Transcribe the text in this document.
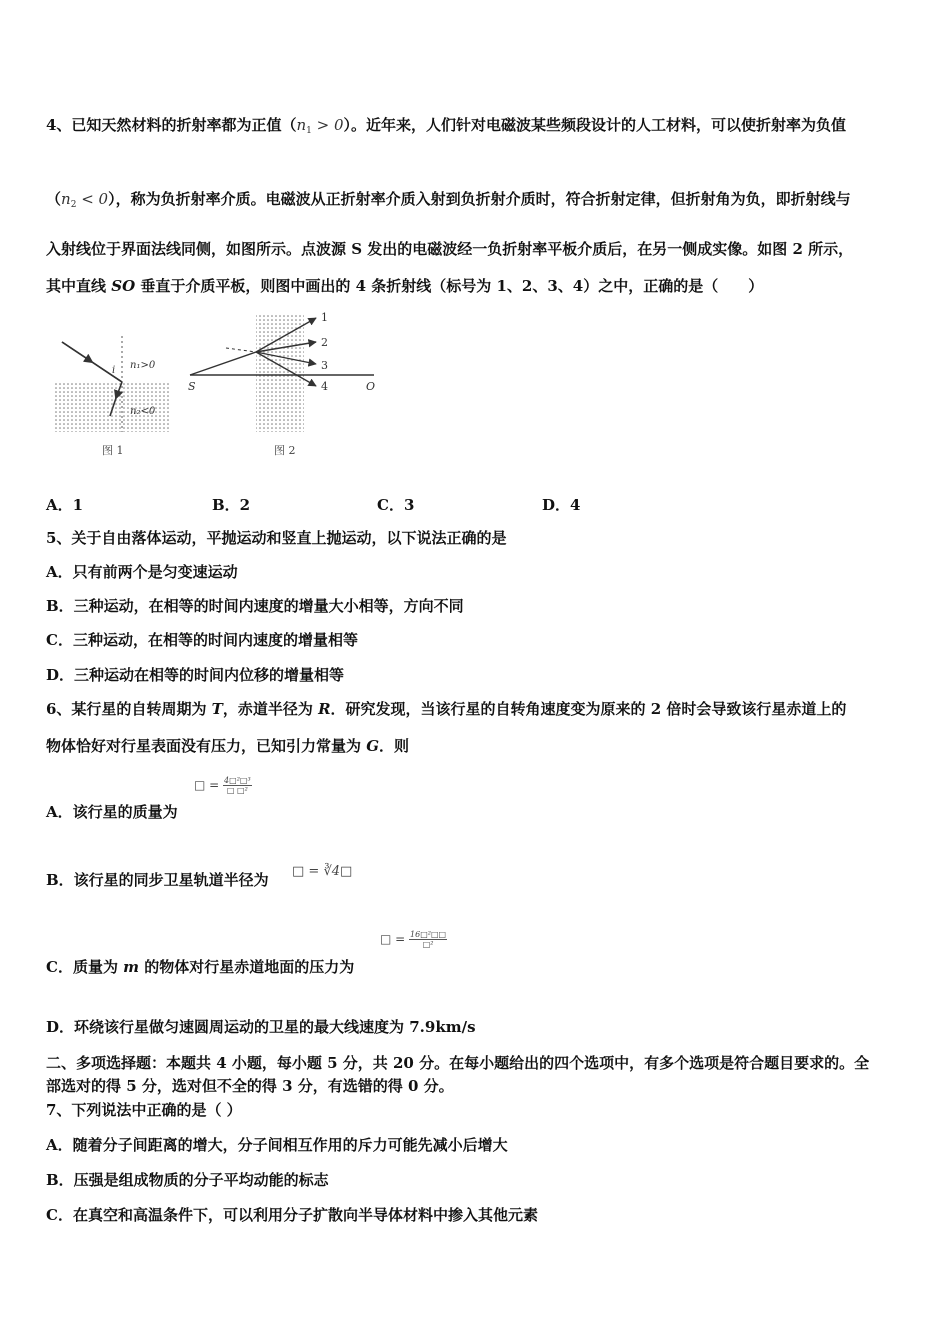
4、已知天然材料的折射率都为正值$(n_1 > 0)$。近年来，人们针对电磁波某些频段设计的人工材料，可以使折射率为负值
$(n_2 < 0)$，称为负折射率介质。电磁波从正折射率介质入射到负折射介质时，符合折射定律，但折射角为负，即折射线与
入射线位于界面法线同侧，如图所示。点波源 S 发出的电磁波经一负折射率平板介质后，在另一侧成实像。如图 2 所示，
其中直线 SO 垂直于介质平板，则图中画出的 4 条折射线（标号为 1、2、3、4）之中，正确的是（　　）
i n₁>0
n₂<0
图 1
1
2
3
4
S	O
图 2
A．1	B．2	C．3	D．4
5、关于自由落体运动，平抛运动和竖直上抛运动，以下说法正确的是
A．只有前两个是匀变速运动
B．三种运动，在相等的时间内速度的增量大小相等，方向不同
C．三种运动，在相等的时间内速度的增量相等
D．三种运动在相等的时间内位移的增量相等
6、某行星的自转周期为 T，赤道半径为 R．研究发现，当该行星的自转角速度变为原来的 2 倍时会导致该行星赤道上的
物体恰好对行星表面没有压力，已知引力常量为 G．则
A．该行星的质量为
□ = $\frac{\text{4□²□³}}{\text{□ □²}}$
B．该行星的同步卫星轨道半径为 □ = ∛4□
C．质量为 m 的物体对行星赤道地面的压力为
□ = $\frac{\text{16□²□□}}{\text{□²}}$
D．环绕该行星做匀速圆周运动的卫星的最大线速度为 7.9km/s
二、多项选择题：本题共 4 小题，每小题 5 分，共 20 分。在每小题给出的四个选项中，有多个选项是符合题目要求的。全
部选对的得 5 分，选对但不全的得 3 分，有选错的得 0 分。
7、下列说法中正确的是（ ）
A．随着分子间距离的增大，分子间相互作用的斥力可能先减小后增大
B．压强是组成物质的分子平均动能的标志
C．在真空和高温条件下，可以利用分子扩散向半导体材料中掺入其他元素
